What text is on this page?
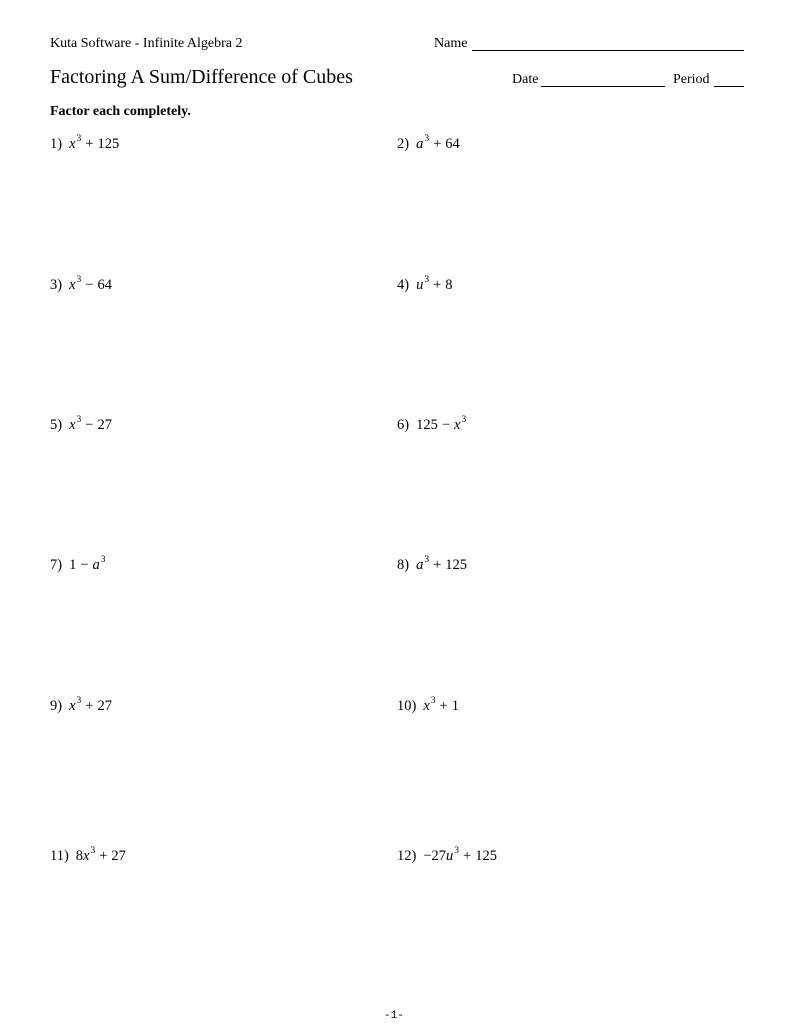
Kuta Software - Infinite Algebra 2	Name
Factoring A Sum/Difference of Cubes	Date	Period
Factor each completely.
1) $x^3 + 125$	2) $a^3 + 64$
3) $x^3 - 64$	4) $u^3 + 8$
5) $x^3 - 27$	6) $125 - x^3$
7) $1 - a^3$	8) $a^3 + 125$
9) $x^3 + 27$	10) $x^3 + 1$
11) $8x^3 + 27$	$12) -27u^3 + 125$
-1-
